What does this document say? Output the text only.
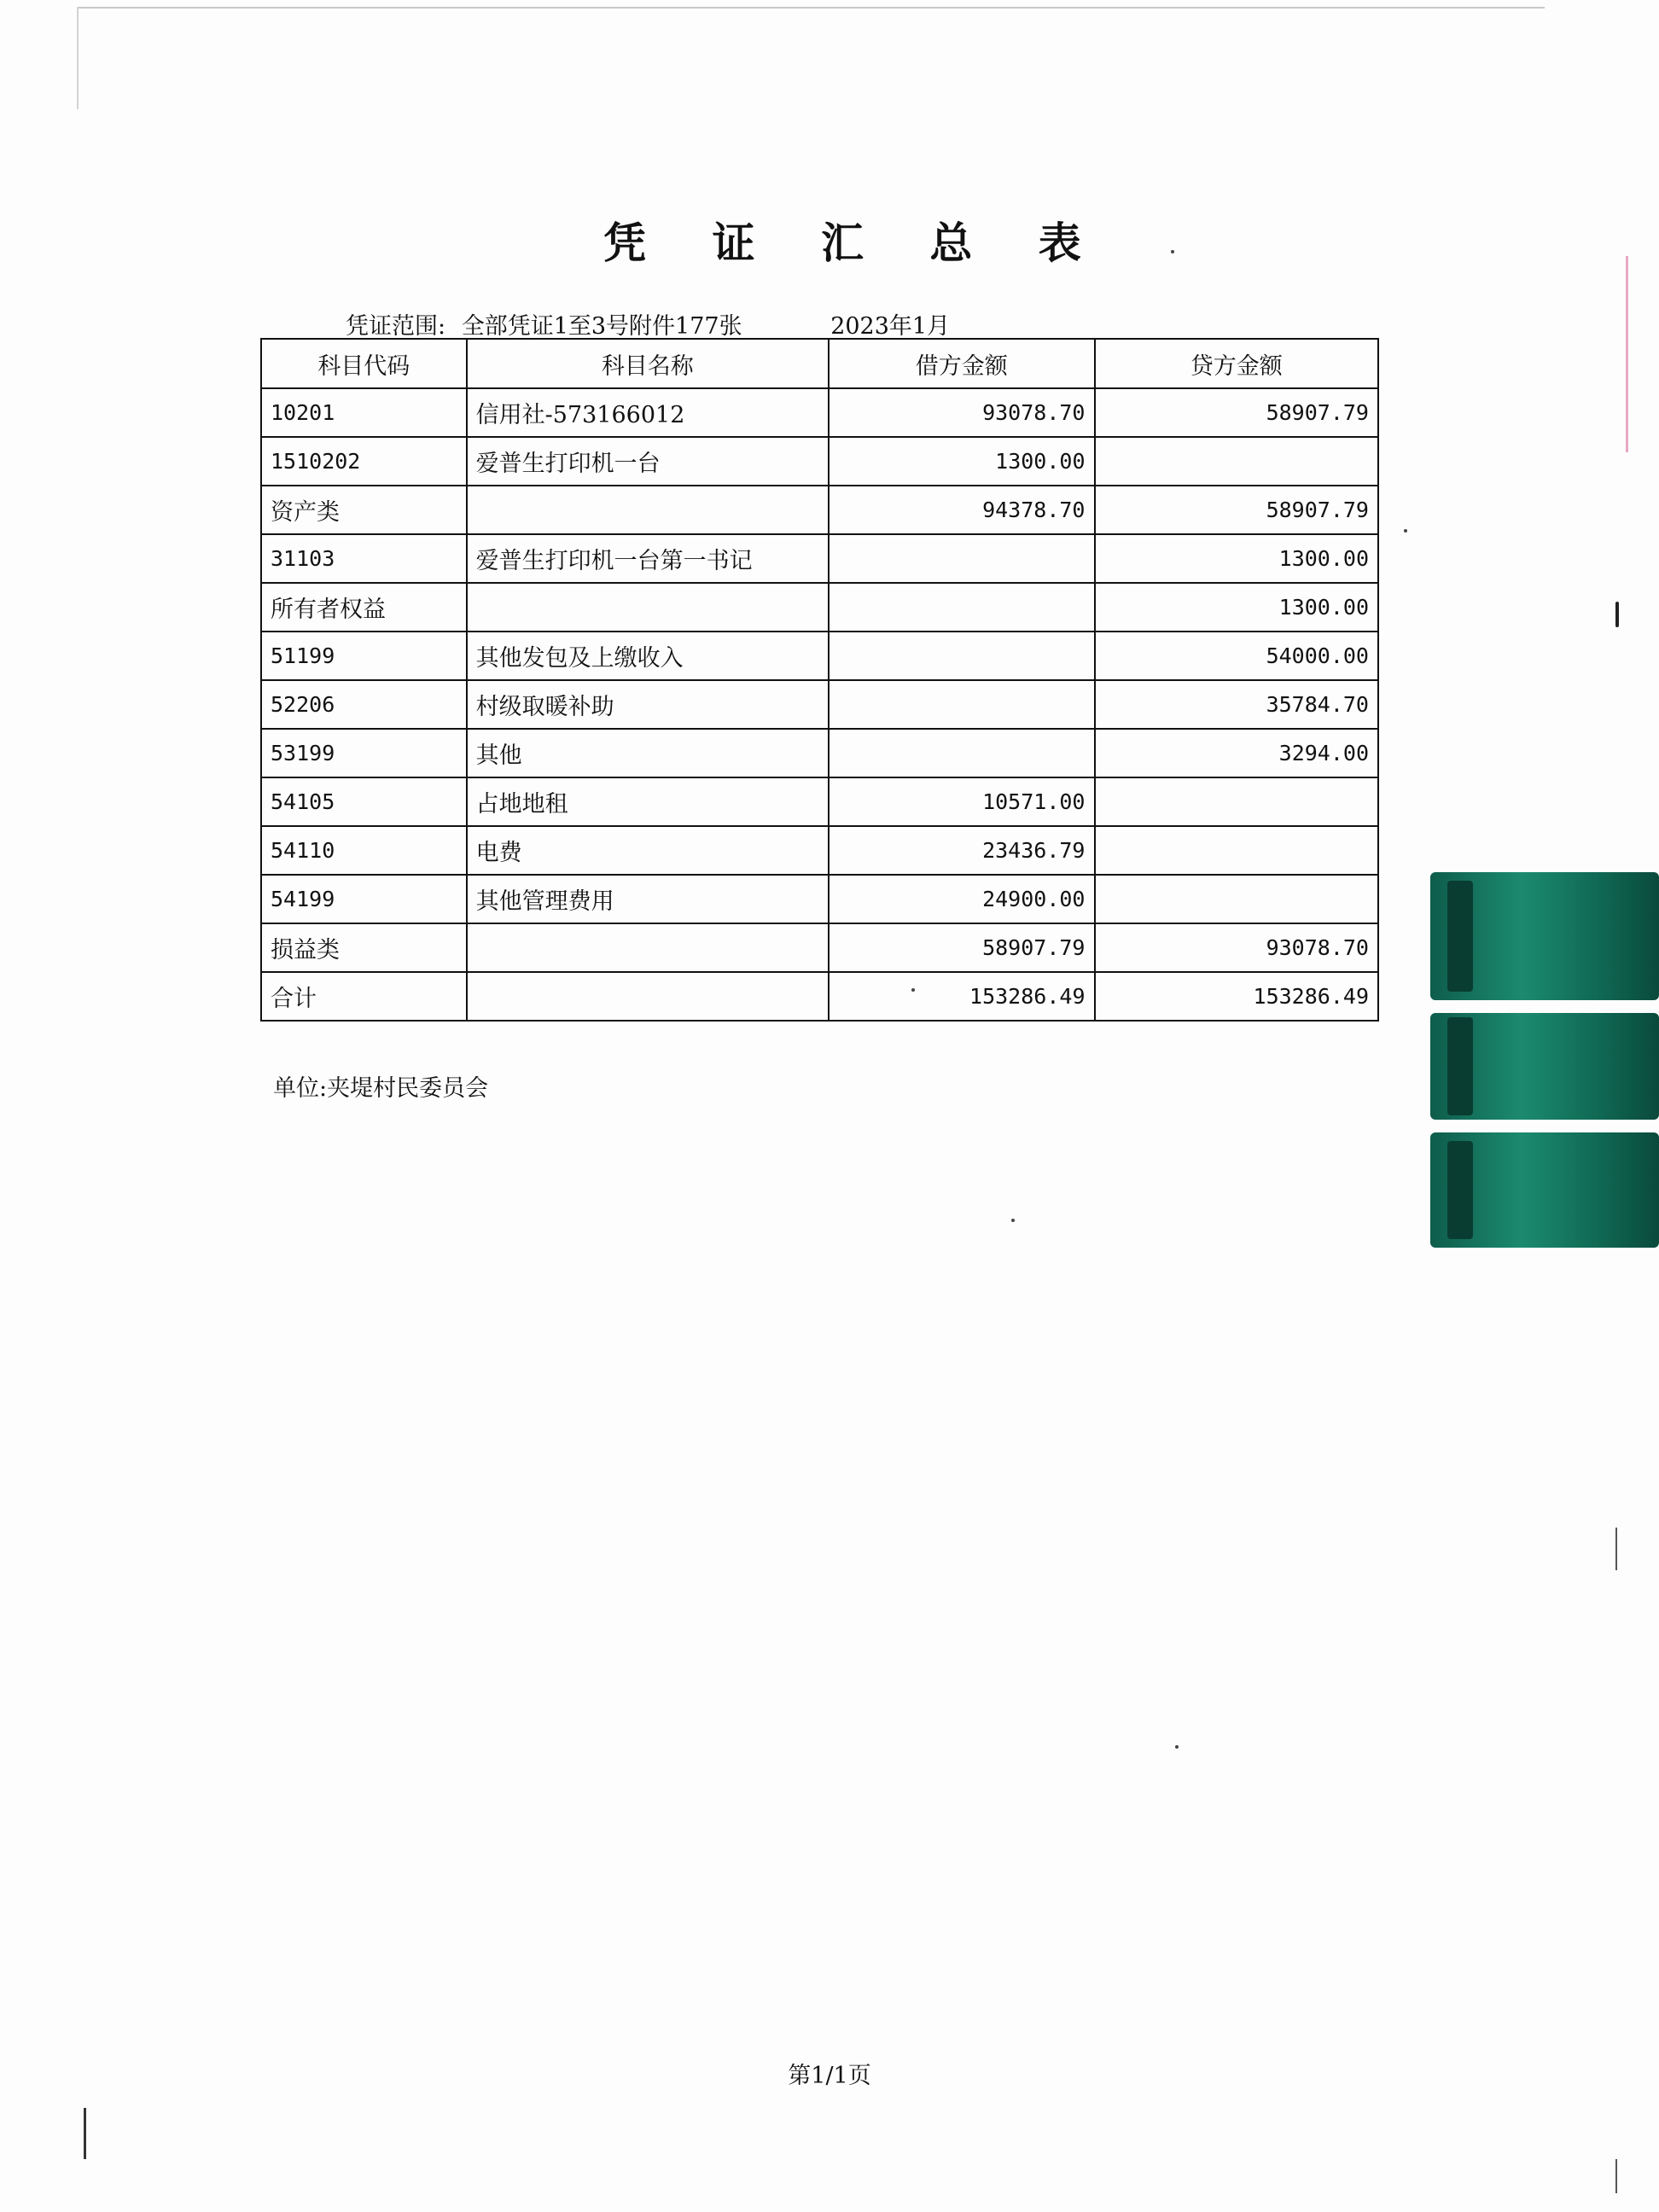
凭 证 汇 总 表
凭证范围: 全部凭证1至3号附件177张	2023年1月
科目代码	科目名称	借方金额	贷方金额
10201	信用社-573166012	93078.70	58907.79
1510202	爱普生打印机一台	1300.00	
资产类		94378.70	58907.79
31103	爱普生打印机一台第一书记		1300.00
所有者权益			1300.00
51199	其他发包及上缴收入		54000.00
52206	村级取暖补助		35784.70
53199	其他		3294.00
54105	占地地租	10571.00	
54110	电费	23436.79	
54199	其他管理费用	24900.00	
损益类		58907.79	93078.70
合计		153286.49	153286.49
单位:夹堤村民委员会
第1/1页
